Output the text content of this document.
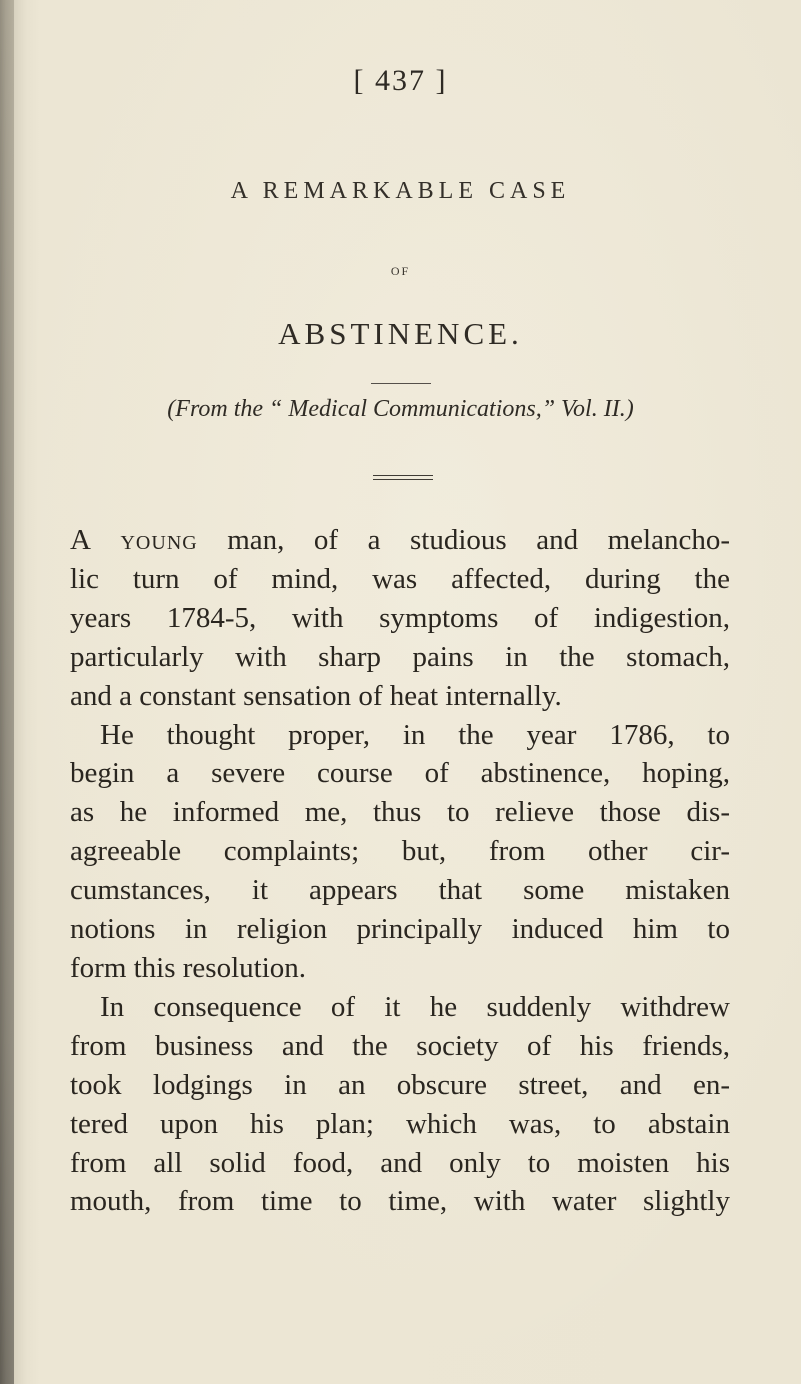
[ 437 ]
A REMARKABLE CASE
OF
ABSTINENCE.
(From the “ Medical Communications,” Vol. II.)
A young man, of a studious and melancho-
lic turn of mind, was affected, during the
years 1784-5, with symptoms of indigestion,
particularly with sharp pains in the stomach,
and a constant sensation of heat internally.
He thought proper, in the year 1786, to
begin a severe course of abstinence, hoping,
as he informed me, thus to relieve those dis-
agreeable complaints; but, from other cir-
cumstances, it appears that some mistaken
notions in religion principally induced him to
form this resolution.
In consequence of it he suddenly withdrew
from business and the society of his friends,
took lodgings in an obscure street, and en-
tered upon his plan; which was, to abstain
from all solid food, and only to moisten his
mouth, from time to time, with water slightly
